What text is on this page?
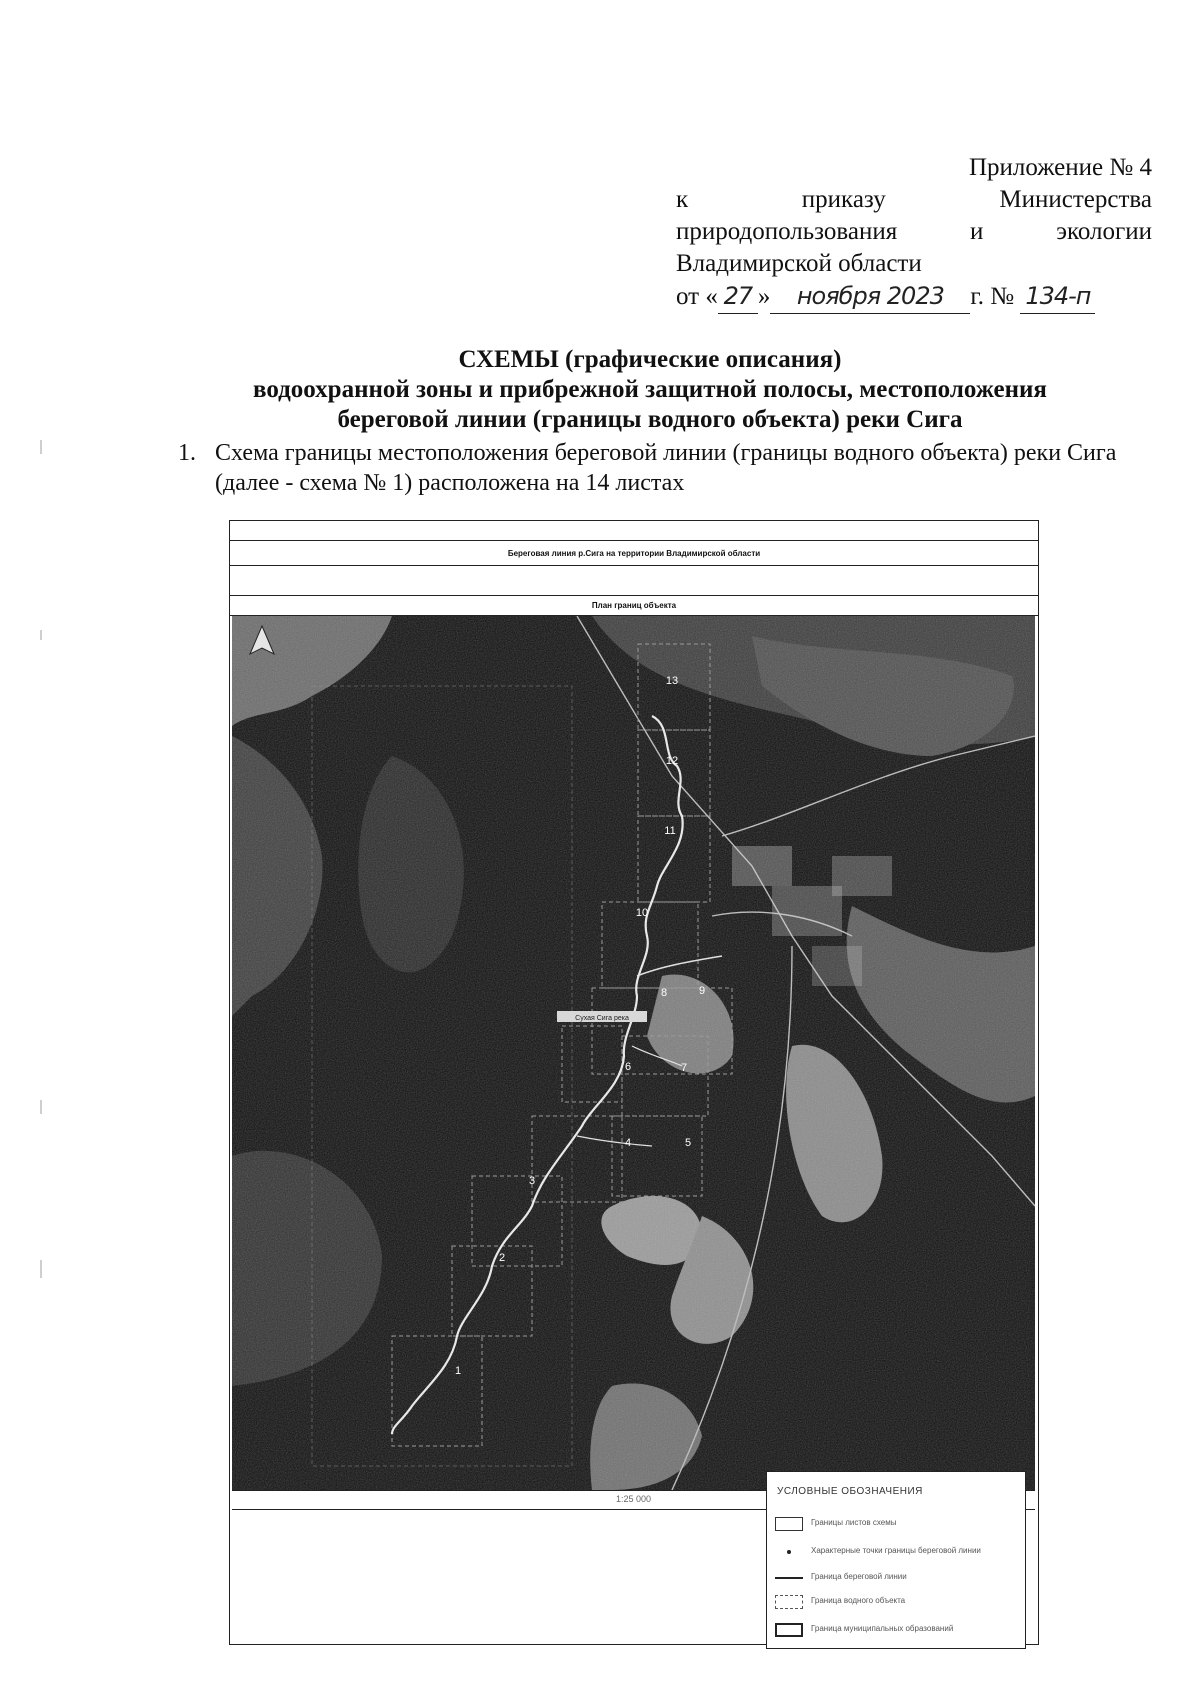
Приложение № 4
к	приказу	Министерства
природопользования	и	экологии
Владимирской области
от « 27 » ноября 2023 г. № 134-п
СХЕМЫ (графические описания)
водоохранной зоны и прибрежной защитной полосы, местоположения
береговой линии (границы водного объекта) реки Сига
1. Схема границы местоположения береговой линии (границы водного объекта) реки Сига (далее - схема № 1) расположена на 14 листах
Береговая линия р.Сига на территории Владимирской области
План границ объекта
Сухая Сига река
13
12
11
10
9
8
7
6
5
4
3
2
1
1:25 000
УСЛОВНЫЕ ОБОЗНАЧЕНИЯ
Границы листов схемы
Характерные точки границы береговой линии
Граница береговой линии
Граница водного объекта
Граница муниципальных образований
